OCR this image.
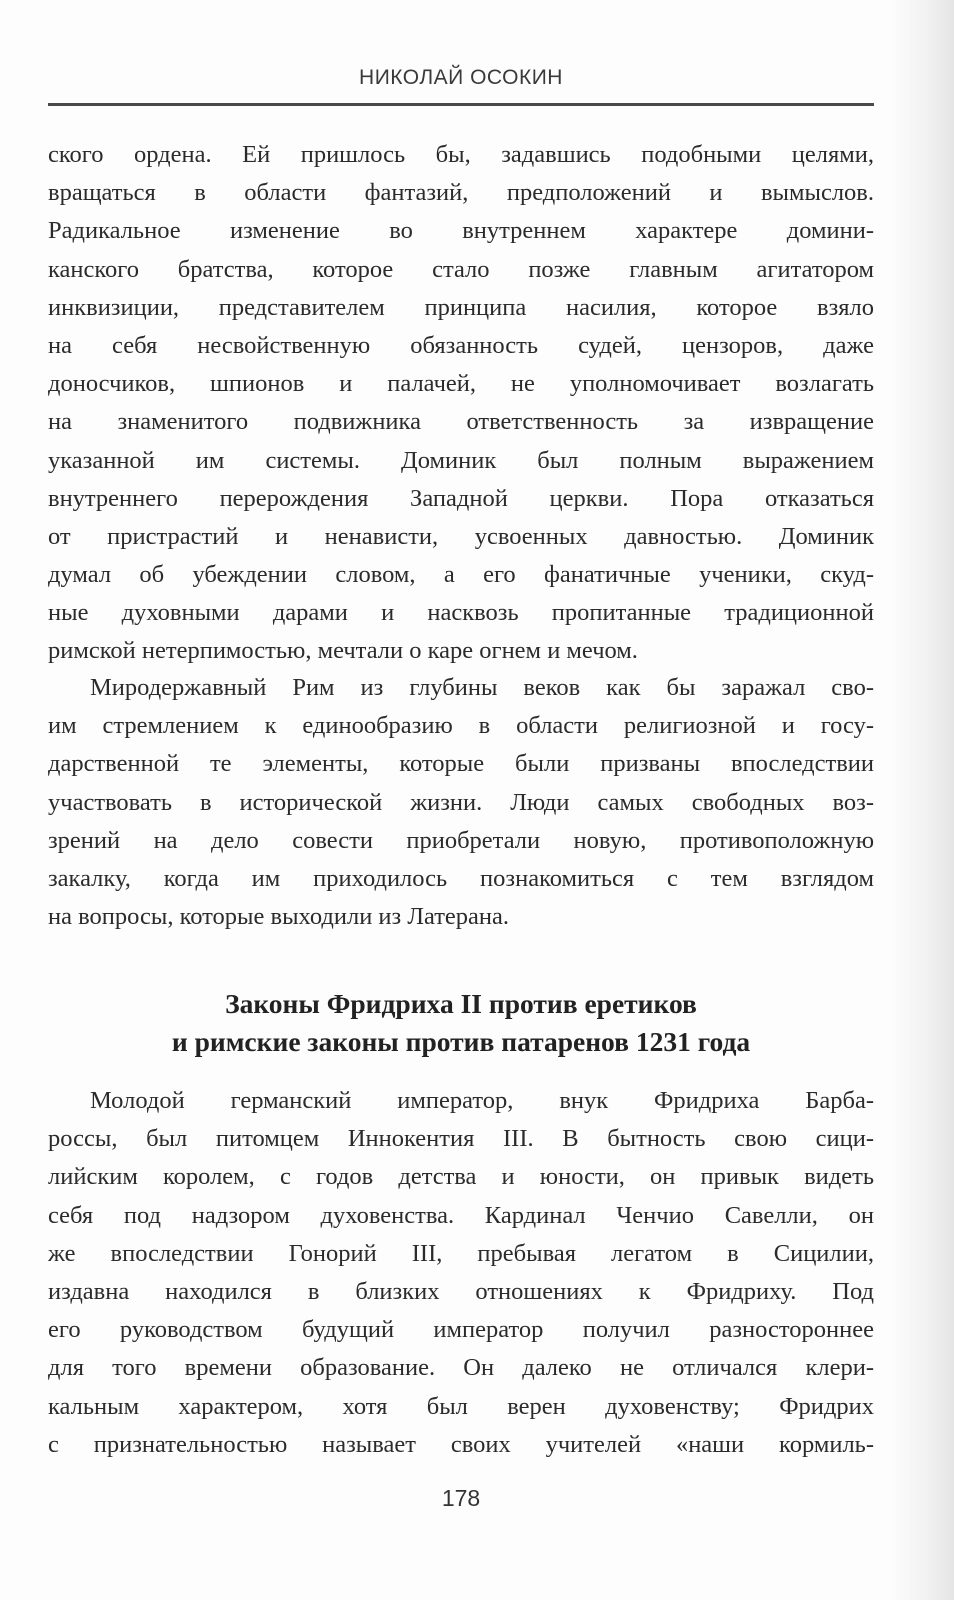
НИКОЛАЙ ОСОКИН
ского ордена. Ей пришлось бы, задавшись подобными целями,
вращаться в области фантазий, предположений и вымыслов.
Радикальное изменение во внутреннем характере домини-
канского братства, которое стало позже главным агитатором
инквизиции, представителем принципа насилия, которое взяло
на себя несвойственную обязанность судей, цензоров, даже
доносчиков, шпионов и палачей, не уполномочивает возлагать
на знаменитого подвижника ответственность за извращение
указанной им системы. Доминик был полным выражением
внутреннего перерождения Западной церкви. Пора отказаться
от пристрастий и ненависти, усвоенных давностью. Доминик
думал об убеждении словом, а его фанатичные ученики, скуд-
ные духовными дарами и насквозь пропитанные традиционной
римской нетерпимостью, мечтали о каре огнем и мечом.
Миродержавный Рим из глубины веков как бы заражал сво-
им стремлением к единообразию в области религиозной и госу-
дарственной те элементы, которые были призваны впоследствии
участвовать в исторической жизни. Люди самых свободных воз-
зрений на дело совести приобретали новую, противоположную
закалку, когда им приходилось познакомиться с тем взглядом
на вопросы, которые выходили из Латерана.
Законы Фридриха II против еретиков
и римские законы против патаренов 1231 года
Молодой германский император, внук Фридриха Барба-
россы, был питомцем Иннокентия III. В бытность свою сици-
лийским королем, с годов детства и юности, он привык видеть
себя под надзором духовенства. Кардинал Ченчио Савелли, он
же впоследствии Гонорий III, пребывая легатом в Сицилии,
издавна находился в близких отношениях к Фридриху. Под
его руководством будущий император получил разностороннее
для того времени образование. Он далеко не отличался клери-
кальным характером, хотя был верен духовенству; Фридрих
с признательностью называет своих учителей «наши кормиль-
178
